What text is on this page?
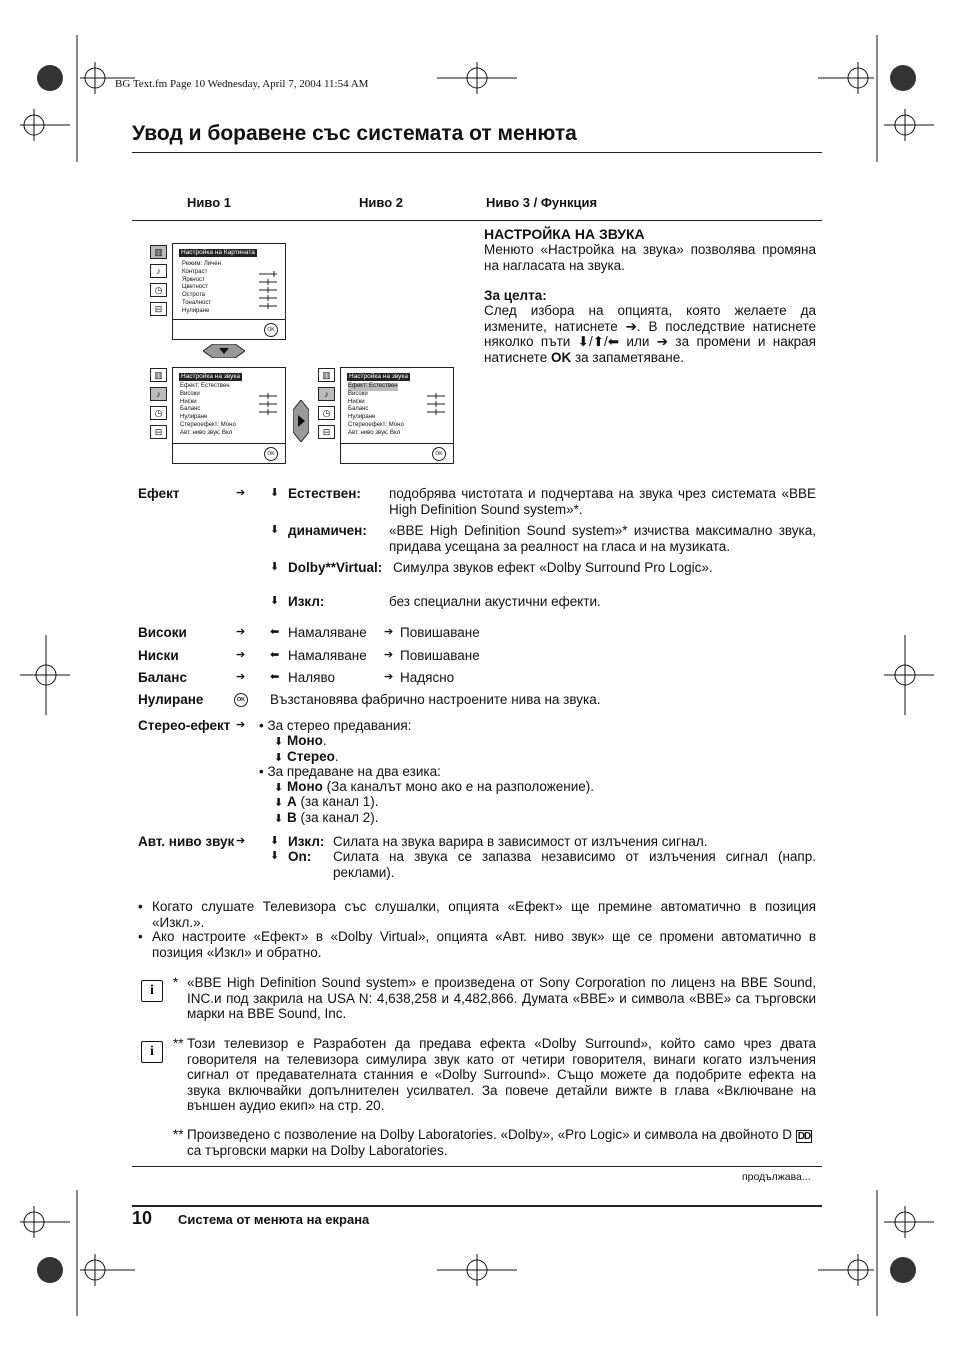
BG Text.fm Page 10 Wednesday, April 7, 2004 11:54 AM
Увод и боравене със системата от менюта
Ниво 1	Ниво 2	Ниво 3 / Функция
▥
♪
◷
⊟
Настройка на Картината
Режим: Личен
Контраст
Яркност
Цветност
Острота
Тоналност
Нулиране
OK
▥
♪
◷
⊟
Настройка на звука
Ефект: Естествен
Високи
Ниски
Баланс
Нулиране
Стереоефект: Моно
Авт. ниво звук: Вкл
OK
▥
♪
◷
⊟
Настройка на звука
Ефект: Естествен
Високи
Ниски
Баланс
Нулиране
Стереоефект: Моно
Авт. ниво звук: Вкл
OK
НАСТРОЙКА НА ЗВУКА
Менюто «Настройка на звука» позволява промяна на нагласата на звука.
За целта:
След избора на опцията, която желаете да измените, натиснете ➔. В последствие натиснете няколко пъти ⬇/⬆/⬅ или ➔ за промени и накрая натиснете OK за запаметяване.
Ефект	➔ ⬇ Естествен: подобрява чистотата и подчертава на звука чрез системата «BBE High Definition Sound system»*.
⬇ динамичен: «BBE High Definition Sound system»* изчиства максимално звука, придава усещана за реалност на гласа и на музиката.
⬇ Dolby**Virtual: Симулра звуков ефект «Dolby Surround Pro Logic».
⬇ Изкл:	без специални акустични ефекти.
Високи	➔ ⬅ Намаляване ➔ Повишаване
Ниски	➔ ⬅ Намаляване ➔ Повишаване
Баланс	➔ ⬅ Наляво	➔ Надясно
Нулиране	OK Възстановява фабрично настроените нива на звука.
Стерео-ефект ➔ • За стерео предавания:
⬇ Моно.
⬇ Стерео.
• За предаване на два езика:
⬇ Моно (За каналът моно ако е на разположение).
⬇ A (за канал 1).
⬇ B (за канал 2).
Авт. ниво звук ➔ ⬇ Изкл: Силата на звука варира в зависимост от излъчения сигнал.
⬇ On: Силата на звука се запазва независимо от излъчения сигнал (напр. реклами).
• Когато слушате Телевизора със слушалки, опцията «Ефект» ще премине автоматично в позиция «Изкл.».
• Ако настроите «Ефект» в «Dolby Virtual», опцията «Авт. ниво звук» ще се промени автоматично в позиция «Изкл» и обратно.
i
* «BBE High Definition Sound system» е произведена от Sony Corporation по лиценз на BBE Sound, INC.и под закрила на USA N: 4,638,258 и 4,482,866. Думата «BBE» и символа «BBE» са търговски марки на BBE Sound, Inc.
i
** Този телевизор е Разработен да предава ефекта «Dolby Surround», който само чрез двата говорителя на телевизора симулира звук като от четири говорителя, винаги когато излъчения сигнал от предавателната станния е «Dolby Surround». Също можете да подобрите ефекта на звука включвайки допълнителен усилвател. За повече детайли вижте в глава «Включване на външен аудио екип» на стр. 20.
** Произведено с позволение на Dolby Laboratories. «Dolby», «Pro Logic» и символа на двойното D DD са търговски марки на Dolby Laboratories.
продължава...
10 Система от менюта на екрана
